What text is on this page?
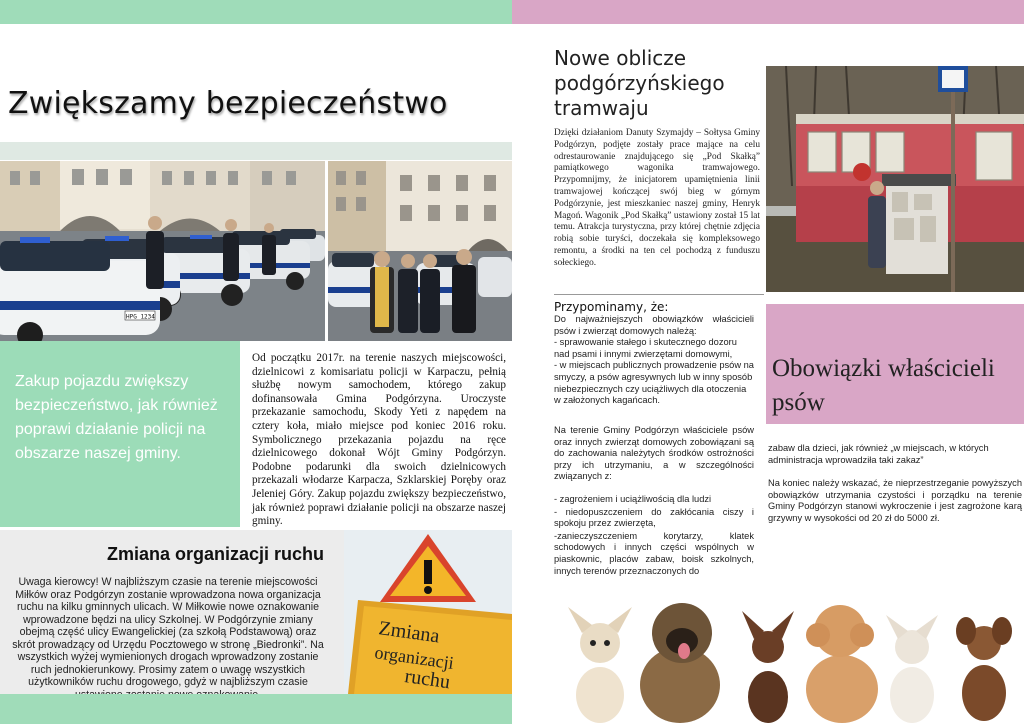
Zwiększamy bezpieczeństwo
HPG 1234
Zakup pojazdu zwiększy bezpieczeństwo, jak również poprawi działanie policji na obszarze naszej gminy.
Od początku 2017r. na terenie naszych miejscowości, dzielnicowi z komisariatu policji w Karpaczu, pełnią służbę nowym samochodem, którego zakup dofinansowała Gmina Podgórzyna. Uroczyste przekazanie samochodu, Skody Yeti z napędem na cztery koła, miało miejsce pod koniec 2016 roku. Symbolicznego przekazania pojazdu na ręce dzielnicowego dokonał Wójt Gminy Podgórzyn. Podobne podarunki dla swoich dzielnicowych przekazali włodarze Karpacza, Szklarskiej Poręby oraz Jeleniej Góry. Zakup pojazdu zwiększy bezpieczeństwo, jak również poprawi działanie policji na obszarze naszej gminy.
Zmiana organizacji ruchu
Uwaga kierowcy! W najbliższym czasie na terenie miejscowości Miłków oraz Podgórzyn zostanie wprowadzona nowa organizacja ruchu na kilku gminnych ulicach. W Miłkowie nowe oznakowanie wprowadzone będzi na ulicy Szkolnej. W Podgórzynie zmiany obejmą część ulicy Ewangelickiej (za szkołą Podstawową) oraz skrót prowadzący od Urzędu Pocztowego w stronę „Biedronki”. Na wszystkich wyżej wymienionych drogach wprowadzony zostanie ruch jednokierunkowy. Prosimy zatem o uwagę wszystkich użytkowników ruchu drogowego, gdyż w najbliższym czasie
Zmiana
organizacji
ruchu
Nowe oblicze podgórzyńskiego tramwaju
Dzięki działaniom Danuty Szymajdy – Sołtysa Gminy Podgórzyn, podjęte zostały prace mające na celu odrestaurowanie znajdującego się „Pod Skałką” pamiątkowego wagonika tramwajowego. Przypomnijmy, że inicjatorem upamiętnienia linii tramwajowej kończącej swój bieg w górnym Podgórzynie, jest mieszkaniec naszej gminy, Henryk Magoń. Wagonik „Pod Skałką” ustawiony został 15 lat temu. Atrakcja turystyczna, przy której chętnie zdjęcia robią sobie turyści, doczekała się kompleksowego remontu, a środki na ten cel pochodzą z funduszu sołeckiego.
Przypominamy, że:
Do najważniejszych obowiązków właścicieli psów i zwierząt domowych należą:
- sprawowanie stałego i skutecznego dozoru nad psami i innymi zwierzętami domowymi,
- w miejscach publicznych prowadzenie psów na smyczy, a psów agresywnych lub w inny sposób niebezpiecznych czy uciążliwych dla otoczenia w założonych kagańcach.
Na terenie Gminy Podgórzyn właściciele psów oraz innych zwierząt domowych zobowiązani są do zachowania należytych środków ostrożności przy ich utrzymaniu, a w szczególności związanych z:
- zagrożeniem i uciążliwością dla ludzi
- niedopuszczeniem do zakłócania ciszy i spokoju przez zwierzęta,
-zanieczyszczeniem korytarzy, klatek schodowych i innych części wspólnych w piaskownic, placów zabaw, boisk szkolnych, innych terenów przeznaczonych do
Obowiązki właścicieli psów
zabaw dla dzieci, jak również „w miejscach, w których administracja wprowadziła taki zakaz”
Na koniec należy wskazać, że nieprzestrzeganie powyższych obowiązków utrzymania czystości i porządku na terenie Gminy Podgórzyn stanowi wykroczenie i jest zagrożone karą grzywny w wysokości od 20 zł do 5000 zł.
